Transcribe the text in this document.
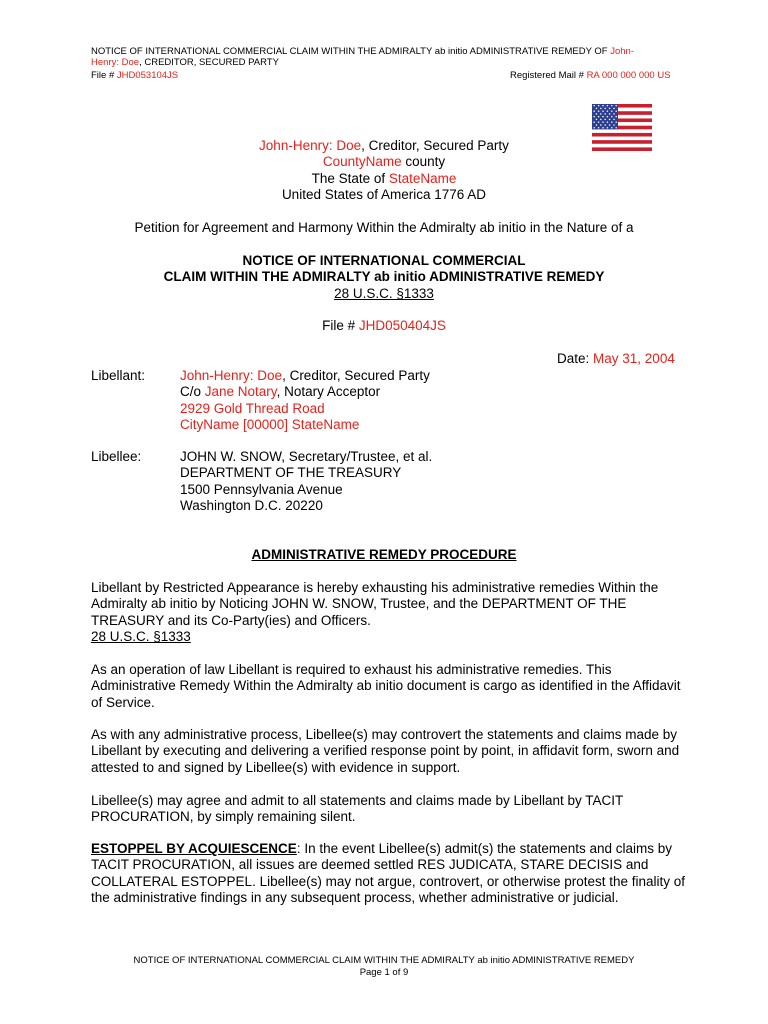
NOTICE OF INTERNATIONAL COMMERCIAL CLAIM WITHIN THE ADMIRALTY ab initio ADMINISTRATIVE REMEDY OF John-
Henry: Doe, CREDITOR, SECURED PARTY
File # JHD053104JS	Registered Mail # RA 000 000 000 US
John-Henry: Doe, Creditor, Secured Party
CountyName county
The State of StateName
United States of America 1776 AD
Petition for Agreement and Harmony Within the Admiralty ab initio in the Nature of a
NOTICE OF INTERNATIONAL COMMERCIAL
CLAIM WITHIN THE ADMIRALTY ab initio ADMINISTRATIVE REMEDY
28 U.S.C. §1333
File # JHD050404JS
Date: May 31, 2004
Libellant:	John-Henry: Doe, Creditor, Secured Party
C/o Jane Notary, Notary Acceptor
2929 Gold Thread Road
CityName [00000] StateName
Libellee:	JOHN W. SNOW, Secretary/Trustee, et al.
DEPARTMENT OF THE TREASURY
1500 Pennsylvania Avenue
Washington D.C. 20220
ADMINISTRATIVE REMEDY PROCEDURE
Libellant by Restricted Appearance is hereby exhausting his administrative remedies Within the Admiralty ab initio by Noticing JOHN W. SNOW, Trustee, and the DEPARTMENT OF THE TREASURY and its Co-Party(ies) and Officers.
28 U.S.C. §1333
As an operation of law Libellant is required to exhaust his administrative remedies. This Administrative Remedy Within the Admiralty ab initio document is cargo as identified in the Affidavit of Service.
As with any administrative process, Libellee(s) may controvert the statements and claims made by Libellant by executing and delivering a verified response point by point, in affidavit form, sworn and attested to and signed by Libellee(s) with evidence in support.
Libellee(s) may agree and admit to all statements and claims made by Libellant by TACIT PROCURATION, by simply remaining silent.
ESTOPPEL BY ACQUIESCENCE: In the event Libellee(s) admit(s) the statements and claims by TACIT PROCURATION, all issues are deemed settled RES JUDICATA, STARE DECISIS and COLLATERAL ESTOPPEL. Libellee(s) may not argue, controvert, or otherwise protest the finality of the administrative findings in any subsequent process, whether administrative or judicial.
NOTICE OF INTERNATIONAL COMMERCIAL CLAIM WITHIN THE ADMIRALTY ab initio ADMINISTRATIVE REMEDY
Page 1 of 9
